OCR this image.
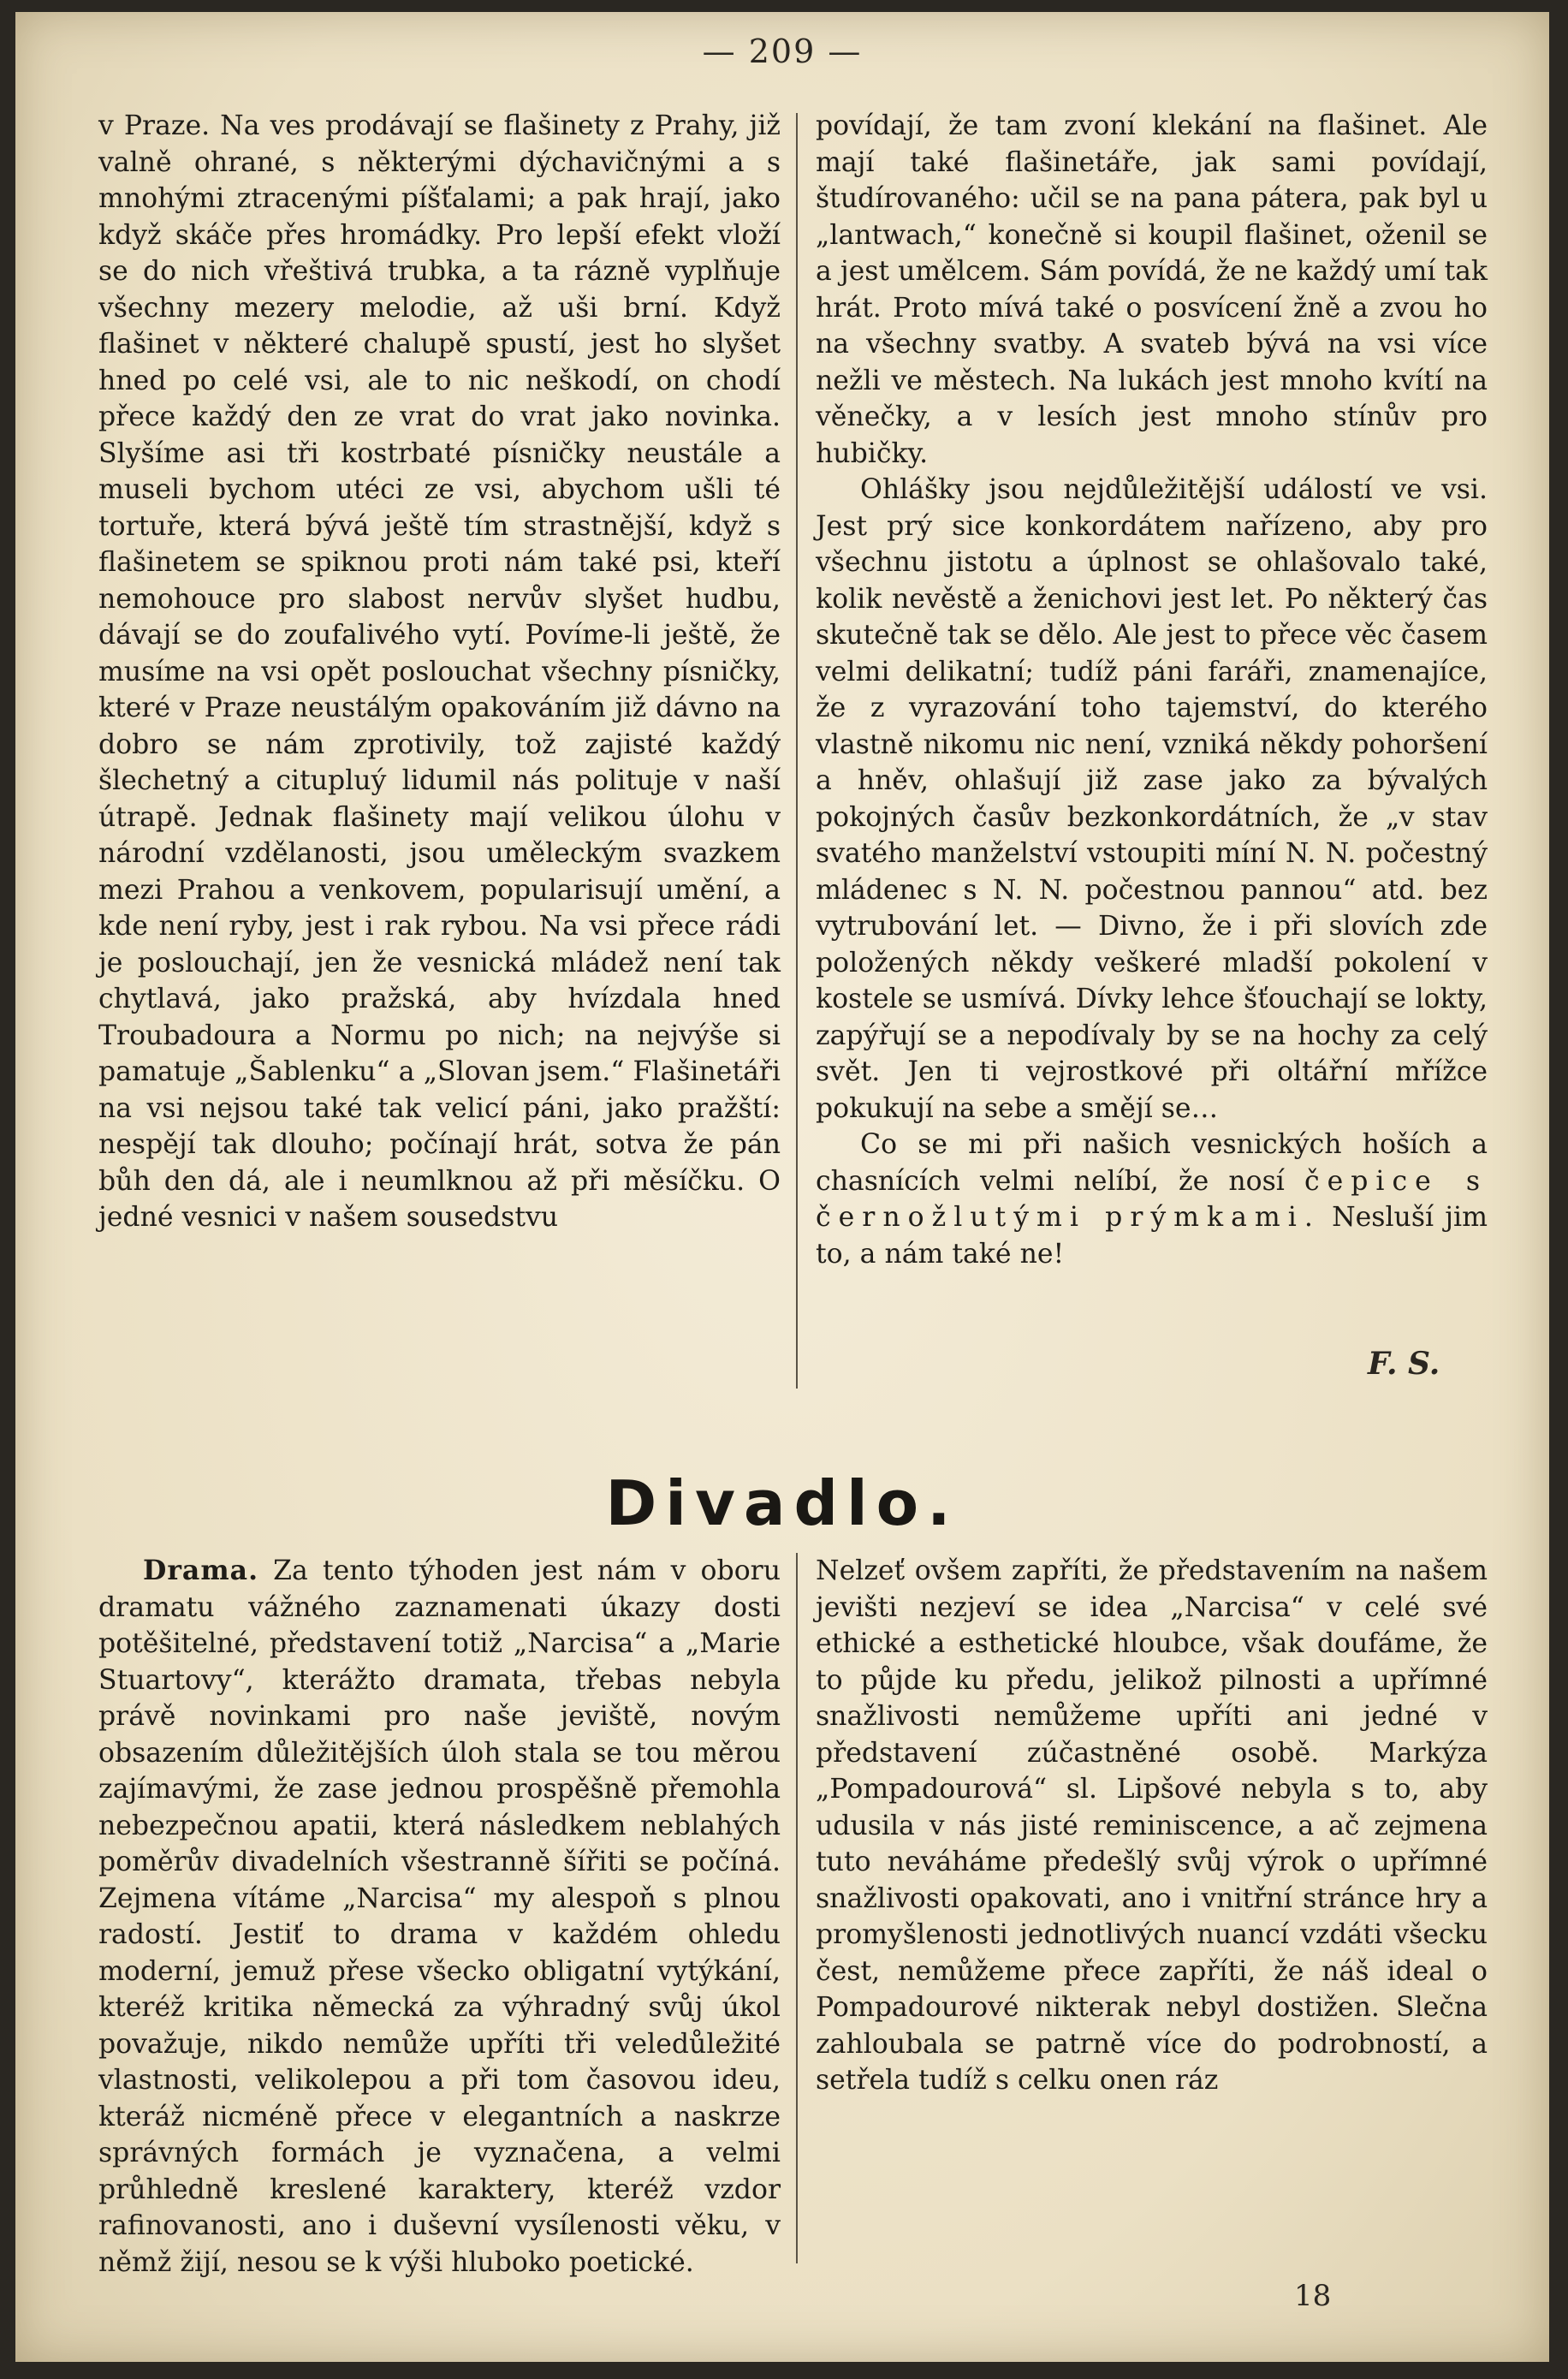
— 209 —

v Praze. Na ves prodávají se flašinety z Prahy, již valně ohrané, s některými dýchavičnými a s mnohými ztracenými píšťalami; a pak hrají, jako když skáče přes hromádky. Pro lepší efekt vloží se do nich vřeštivá trubka, a ta rázně vyplňuje všechny mezery melodie, až uši brní. Když flašinet v některé chalupě spustí, jest ho slyšet hned po celé vsi, ale to nic neškodí, on chodí přece každý den ze vrat do vrat jako novinka. Slyšíme asi tři kostrbaté písničky neustále a museli bychom utéci ze vsi, abychom ušli té tortuře, která bývá ještě tím strastnější, když s flašinetem se spiknou proti nám také psi, kteří nemohouce pro slabost nervův slyšet hudbu, dávají se do zoufalivého vytí. Povíme-li ještě, že musíme na vsi opět poslouchat všechny písničky, které v Praze neustálým opakováním již dávno na dobro se nám zprotivily, tož zajisté každý šlechetný a citupluý lidumil nás polituje v naší útrapě. Jednak flašinety mají velikou úlohu v národní vzdělanosti, jsou uměleckým svazkem mezi Prahou a venkovem, popularisují umění, a kde není ryby, jest i rak rybou. Na vsi přece rádi je poslouchají, jen že vesnická mládež není tak chytlavá, jako pražská, aby hvízdala hned Troubadoura a Normu po nich; na nejvýše si pamatuje „Šablenku“ a „Slovan jsem.“ Flašinetáři na vsi nejsou také tak velicí páni, jako pražští: nespějí tak dlouho; počínají hrát, sotva že pán bůh den dá, ale i neumlknou až při měsíčku. O jedné vesnici v našem sousedstvu

povídají, že tam zvoní klekání na flašinet. Ale mají také flašinetáře, jak sami povídají, študírovaného: učil se na pana pátera, pak byl u „lantwach,“ konečně si koupil flašinet, oženil se a jest umělcem. Sám povídá, že ne každý umí tak hrát. Proto mívá také o posvícení žně a zvou ho na všechny svatby. A svateb bývá na vsi více nežli ve městech. Na lukách jest mnoho kvítí na věnečky, a v lesích jest mnoho stínův pro hubičky.

Ohlášky jsou nejdůležitější událostí ve vsi. Jest prý sice konkordátem nařízeno, aby pro všechnu jistotu a úplnost se ohlašovalo také, kolik nevěstě a ženichovi jest let. Po některý čas skutečně tak se dělo. Ale jest to přece věc časem velmi delikatní; tudíž páni faráři, znamenajíce, že z vyrazování toho tajemství, do kterého vlastně nikomu nic není, vzniká někdy pohoršení a hněv, ohlašují již zase jako za bývalých pokojných časův bezkonkordátních, že „v stav svatého manželství vstoupiti míní N. N. počestný mládenec s N. N. počestnou pannou“ atd. bez vytrubování let. — Divno, že i při slovích zde položených někdy veškeré mladší pokolení v kostele se usmívá. Dívky lehce šťouchají se lokty, zapýřují se a nepodívaly by se na hochy za celý svět. Jen ti vejrostkové při oltářní mřížce pokukují na sebe a smějí se…

Co se mi při našich vesnických hoších a chasnících velmi nelíbí, že nosí čepice s černožlutými prýmkami. Nesluší jim to, a nám také ne!

F. S.
Divadlo.

Drama. Za tento týhoden jest nám v oboru dramatu vážného zaznamenati úkazy dosti potěšitelné, představení totiž „Narcisa“ a „Marie Stuartovy“, kterážto dramata, třebas nebyla právě novinkami pro naše jeviště, novým obsazením důležitějších úloh stala se tou měrou zajímavými, že zase jednou prospěšně přemohla nebezpečnou apatii, která následkem neblahých poměrův divadelních všestranně šířiti se počíná. Zejmena vítáme „Narcisa“ my alespoň s plnou radostí. Jestiť to drama v každém ohledu moderní, jemuž přese všecko obligatní vytýkání, kteréž kritika německá za výhradný svůj úkol považuje, nikdo nemůže upříti tři veledůležité vlastnosti, velikolepou a při tom časovou ideu, kteráž nicméně přece v elegantních a naskrze správných formách je vyznačena, a velmi průhledně kreslené karaktery, kteréž vzdor rafinovanosti, ano i duševní vysílenosti věku, v němž žijí, nesou se k výši hluboko poetické.

Nelzeť ovšem zapříti, že představením na našem jevišti nezjeví se idea „Narcisa“ v celé své ethické a esthetické hloubce, však doufáme, že to půjde ku předu, jelikož pilnosti a upřímné snažlivosti nemůžeme upříti ani jedné v představení zúčastněné osobě. Markýza „Pompadourová“ sl. Lipšové nebyla s to, aby udusila v nás jisté reminiscence, a ač zejmena tuto neváháme předešlý svůj výrok o upřímné snažlivosti opakovati, ano i vnitřní stránce hry a promyšlenosti jednotlivých nuancí vzdáti všecku čest, nemůžeme přece zapříti, že náš ideal o Pompadourové nikterak nebyl dostižen. Slečna zahloubala se patrně více do podrobností, a setřela tudíž s celku onen ráz

18
